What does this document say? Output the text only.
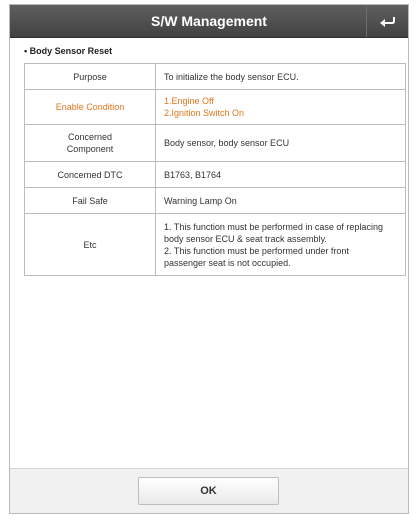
S/W Management
• Body Sensor Reset
Purpose	To initialize the body sensor ECU.

Enable Condition	1.Engine Off
2.Ignition Switch On

Concerned
Component	Body sensor, body sensor ECU

Concerned DTC	B1763, B1764

Fail Safe	Warning Lamp On

Etc	1. This function must be performed in case of replacing
body sensor ECU & seat track assembly.
2. This function must be performed under front
passenger seat is not occupied.
OK
